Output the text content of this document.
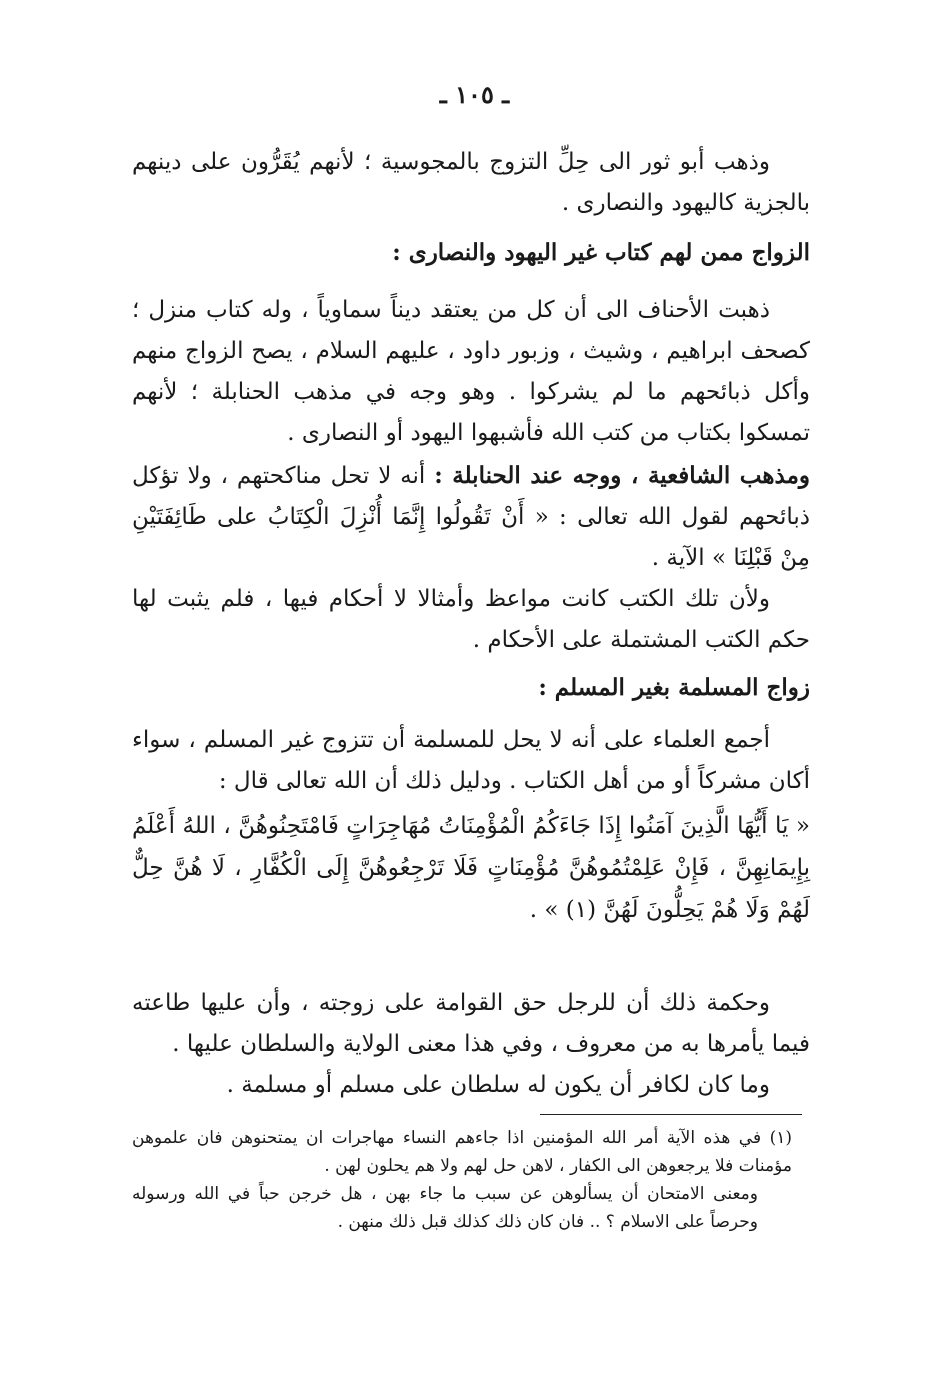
ـ ١٠٥ ـ

وذهب أبو ثور الى حِلِّ التزوج بالمجوسية ؛ لأنهم يُقَرُّون على دينهم بالجزية كاليهود والنصارى .

الزواج ممن لهم كتاب غير اليهود والنصارى :

ذهبت الأحناف الى أن كل من يعتقد ديناً سماوياً ، وله كتاب منزل ؛ كصحف ابراهيم ، وشيث ، وزبور داود ، عليهم السلام ، يصح الزواج منهم وأكل ذبائحهم ما لم يشركوا . وهو وجه في مذهب الحنابلة ؛ لأنهم تمسكوا بكتاب من كتب الله فأشبهوا اليهود أو النصارى .

ومذهب الشافعية ، ووجه عند الحنابلة : أنه لا تحل مناكحتهم ، ولا تؤكل ذبائحهم لقول الله تعالى : « أَنْ تَقُولُوا إِنَّمَا أُنْزِلَ الْكِتَابُ على طَائِفَتَيْنِ مِنْ قَبْلِنَا » الآية .

ولأن تلك الكتب كانت مواعظ وأمثالا لا أحكام فيها ، فلم يثبت لها حكم الكتب المشتملة على الأحكام .

زواج المسلمة بغير المسلم :

أجمع العلماء على أنه لا يحل للمسلمة أن تتزوج غير المسلم ، سواء أكان مشركاً أو من أهل الكتاب . ودليل ذلك أن الله تعالى قال :

« يَا أَيُّهَا الَّذِينَ آمَنُوا إِذَا جَاءَكُمُ الْمُؤْمِنَاتُ مُهَاجِرَاتٍ فَامْتَحِنُوهُنَّ ، اللهُ أَعْلَمُ بِإِيمَانِهِنَّ ، فَإِنْ عَلِمْتُمُوهُنَّ مُؤْمِنَاتٍ فَلَا تَرْجِعُوهُنَّ إِلَى الْكُفَّارِ ، لَا هُنَّ حِلٌّ لَهُمْ وَلَا هُمْ يَحِلُّونَ لَهُنَّ (١) » .

وحكمة ذلك أن للرجل حق القوامة على زوجته ، وأن عليها طاعته فيما يأمرها به من معروف ، وفي هذا معنى الولاية والسلطان عليها .

وما كان لكافر أن يكون له سلطان على مسلم أو مسلمة .

(١) في هذه الآية أمر الله المؤمنين اذا جاءهم النساء مهاجرات ان يمتحنوهن فان علموهن مؤمنات فلا يرجعوهن الى الكفار ، لاهن حل لهم ولا هم يحلون لهن .

ومعنى الامتحان أن يسألوهن عن سبب ما جاء بهن ، هل خرجن حباً في الله ورسوله وحرصاً على الاسلام ؟ .. فان كان ذلك كذلك قبل ذلك منهن .
